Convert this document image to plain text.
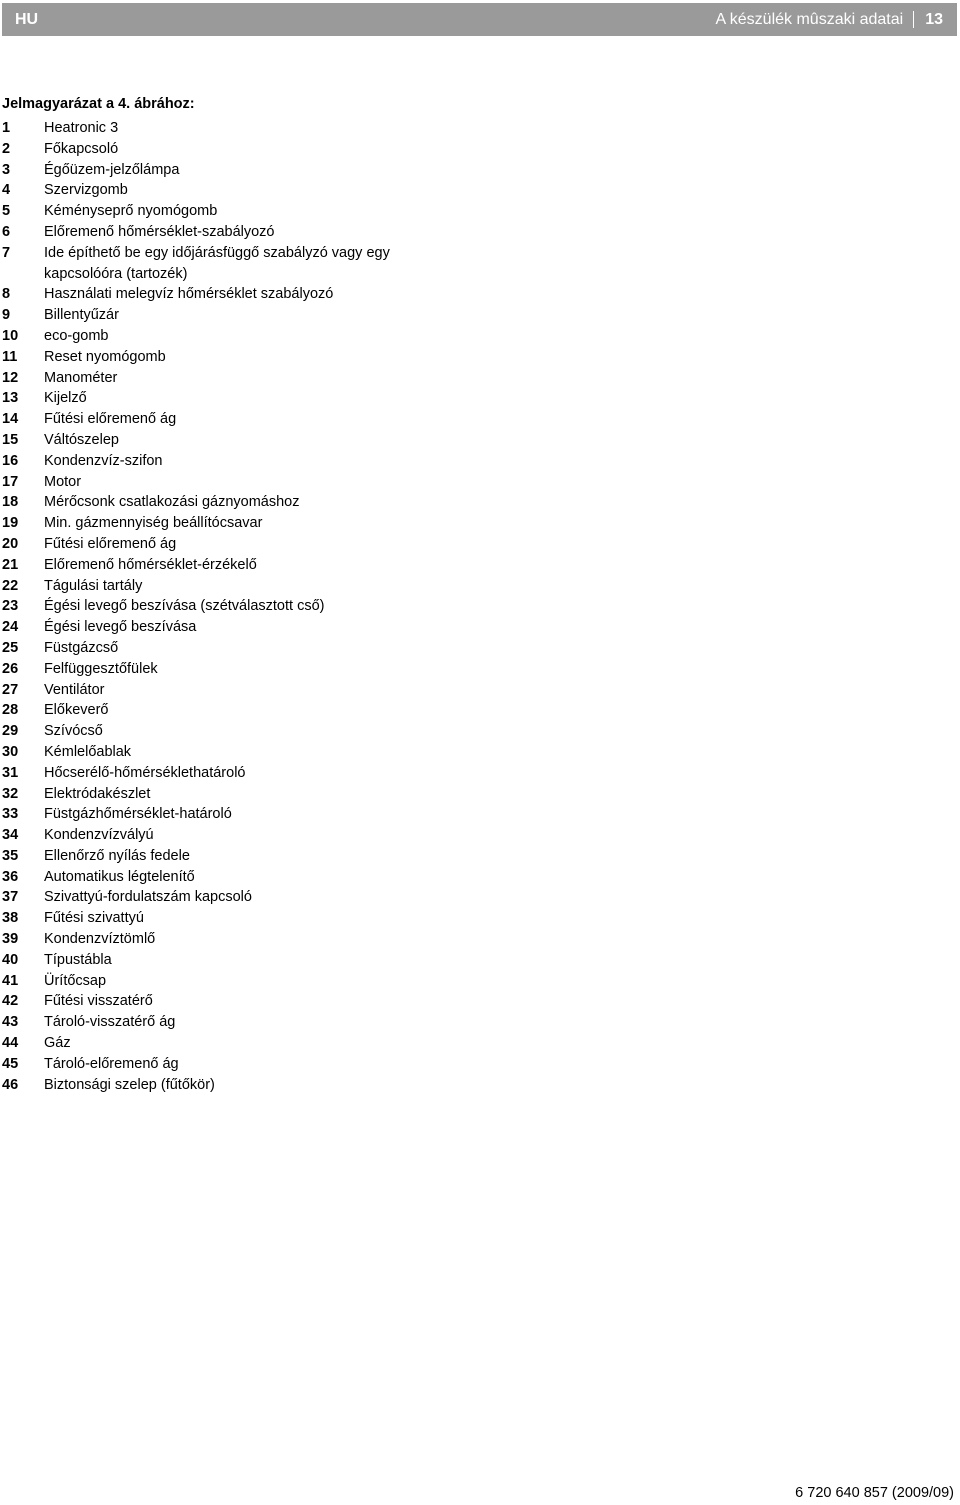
HU	A készülék mûszaki adatai 13
Jelmagyarázat a 4. ábrához:
1	Heatronic 3
2	Főkapcsoló
3	Égőüzem-jelzőlámpa
4	Szervizgomb
5	Kéményseprő nyomógomb
6	Előremenő hőmérséklet-szabályozó
7	Ide építhető be egy időjárásfüggő szabályzó vagy egy kapcsolóóra (tartozék)
8	Használati melegvíz hőmérséklet szabályozó
9	Billentyűzár
10	eco-gomb
11	Reset nyomógomb
12	Manométer
13	Kijelző
14	Fűtési előremenő ág
15	Váltószelep
16	Kondenzvíz-szifon
17	Motor
18	Mérőcsonk csatlakozási gáznyomáshoz
19	Min. gázmennyiség beállítócsavar
20	Fűtési előremenő ág
21	Előremenő hőmérséklet-érzékelő
22	Tágulási tartály
23	Égési levegő beszívása (szétválasztott cső)
24	Égési levegő beszívása
25	Füstgázcső
26	Felfüggesztőfülek
27	Ventilátor
28	Előkeverő
29	Szívócső
30	Kémlelőablak
31	Hőcserélő-hőmérséklethatároló
32	Elektródakészlet
33	Füstgázhőmérséklet-határoló
34	Kondenzvízvályú
35	Ellenőrző nyílás fedele
36	Automatikus légtelenítő
37	Szivattyú-fordulatszám kapcsoló
38	Fűtési szivattyú
39	Kondenzvíztömlő
40	Típustábla
41	Ürítőcsap
42	Fűtési visszatérő
43	Tároló-visszatérő ág
44	Gáz
45	Tároló-előremenő ág
46	Biztonsági szelep (fűtőkör)
6 720 640 857 (2009/09)
